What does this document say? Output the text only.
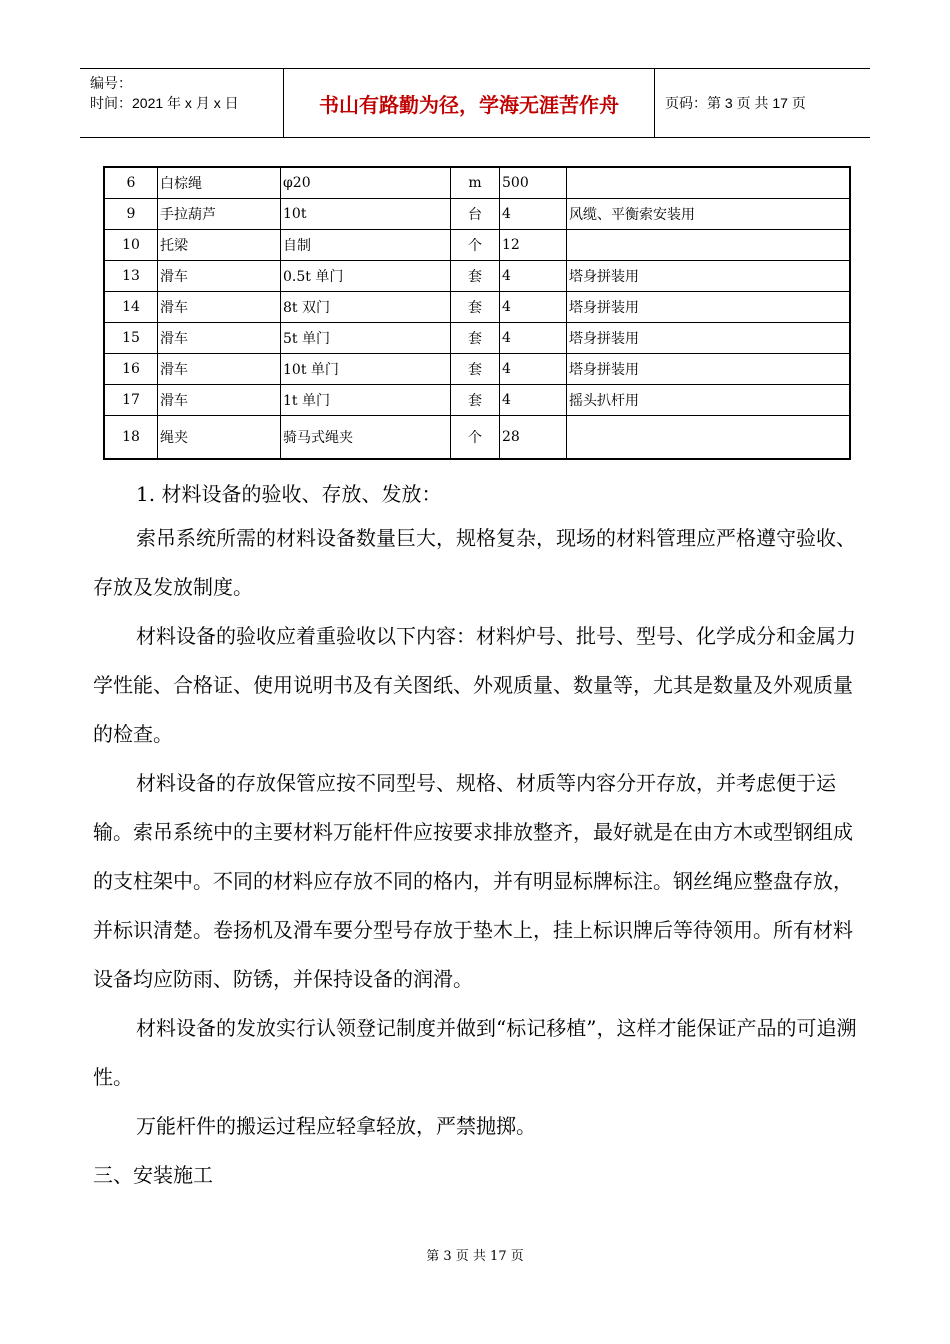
编号：
时间：2021 年 x 月 x 日	书山有路勤为径，学海无涯苦作舟	页码：第 3 页 共 17 页
6	白棕绳	φ20	m	500	
9	手拉葫芦	10t	台	4	风缆、平衡索安装用
10	托梁	自制	个	12	
13	滑车	0.5t 单门	套	4	塔身拼装用
14	滑车	8t 双门	套	4	塔身拼装用
15	滑车	5t 单门	套	4	塔身拼装用
16	滑车	10t 单门	套	4	塔身拼装用
17	滑车	1t 单门	套	4	摇头扒杆用
18	绳夹	骑马式绳夹	个	28	

1. 材料设备的验收、存放、发放：

索吊系统所需的材料设备数量巨大，规格复杂，现场的材料管理应严格遵守验收、存放及发放制度。

材料设备的验收应着重验收以下内容：材料炉号、批号、型号、化学成分和金属力学性能、合格证、使用说明书及有关图纸、外观质量、数量等，尤其是数量及外观质量的检查。

材料设备的存放保管应按不同型号、规格、材质等内容分开存放，并考虑便于运输。索吊系统中的主要材料万能杆件应按要求排放整齐，最好就是在由方木或型钢组成的支柱架中。不同的材料应存放不同的格内，并有明显标牌标注。钢丝绳应整盘存放，并标识清楚。卷扬机及滑车要分型号存放于垫木上，挂上标识牌后等待领用。所有材料设备均应防雨、防锈，并保持设备的润滑。

材料设备的发放实行认领登记制度并做到“标记移植”，这样才能保证产品的可追溯性。

万能杆件的搬运过程应轻拿轻放，严禁抛掷。

三、安装施工

第 3 页 共 17 页
